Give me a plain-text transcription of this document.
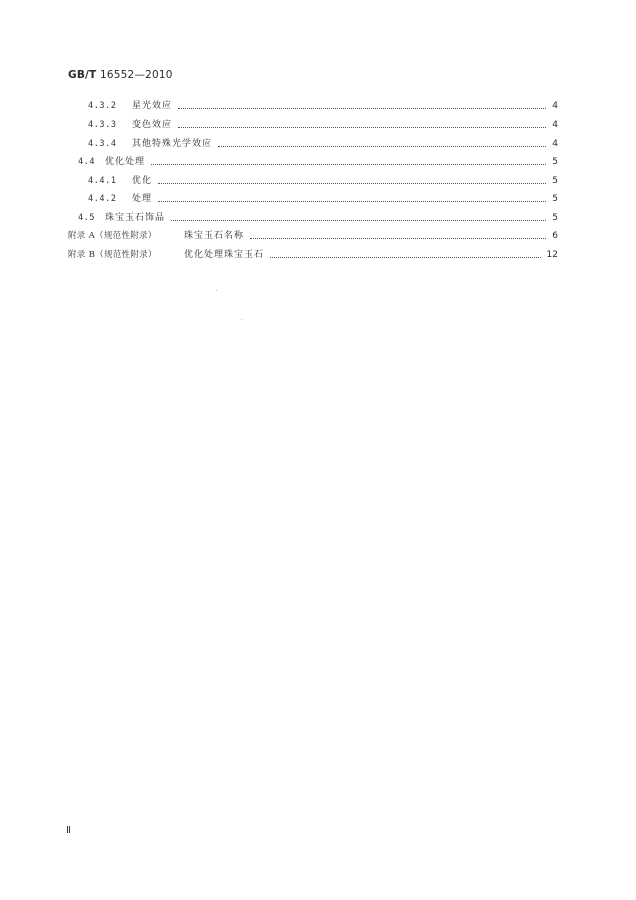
GB/T 16552—2010
4.3.2	星光效应	4
4.3.3	变色效应	4
4.3.4	其他特殊光学效应	4
4.4	优化处理	5
4.4.1	优化	5
4.4.2	处理	5
4.5	珠宝玉石饰品	5
附录 A（规范性附录）	珠宝玉石名称	6
附录 B（规范性附录）	优化处理珠宝玉石	12
Ⅱ
